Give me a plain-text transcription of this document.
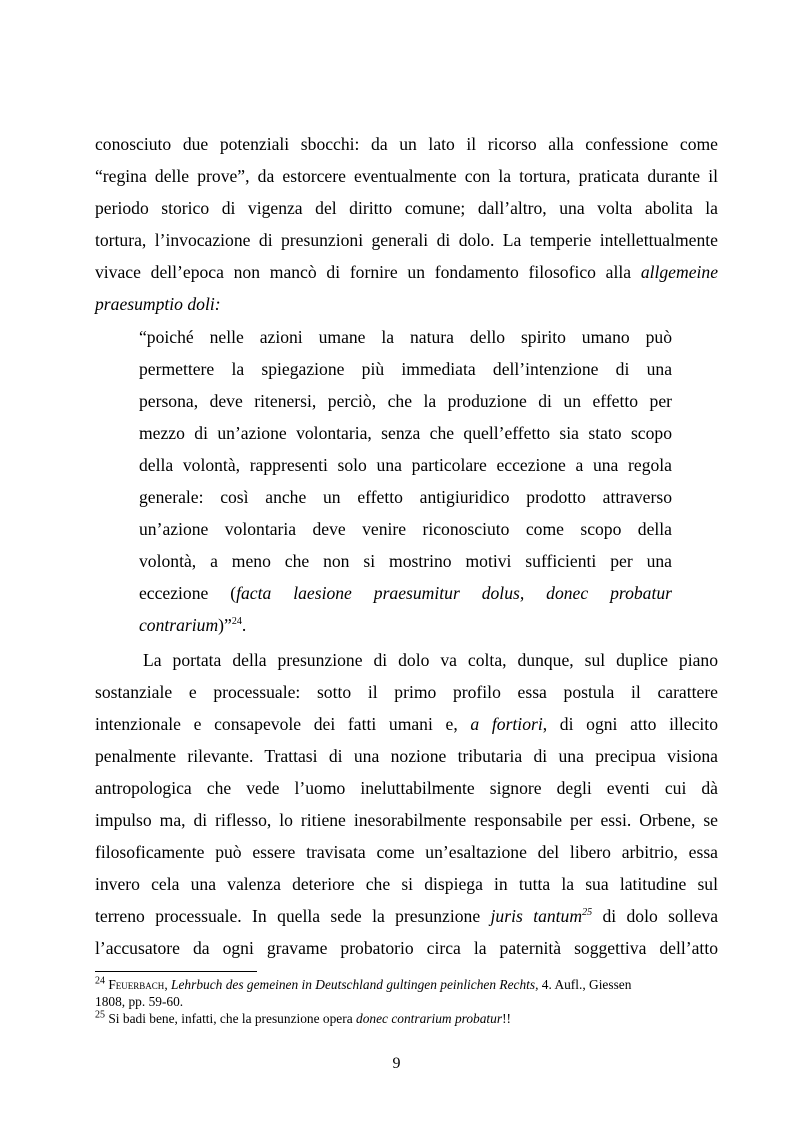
conosciuto due potenziali sbocchi: da un lato il ricorso alla confessione come
“regina delle prove”, da estorcere eventualmente con la tortura, praticata durante il
periodo storico di vigenza del diritto comune; dall’altro, una volta abolita la
tortura, l’invocazione di presunzioni generali di dolo. La temperie intellettualmente
vivace dell’epoca non mancò di fornire un fondamento filosofico alla allgemeine
praesumptio doli:
“poiché nelle azioni umane la natura dello spirito umano può
permettere la spiegazione più immediata dell’intenzione di una
persona, deve ritenersi, perciò, che la produzione di un effetto per
mezzo di un’azione volontaria, senza che quell’effetto sia stato scopo
della volontà, rappresenti solo una particolare eccezione a una regola
generale: così anche un effetto antigiuridico prodotto attraverso
un’azione volontaria deve venire riconosciuto come scopo della
volontà, a meno che non si mostrino motivi sufficienti per una
eccezione (facta laesione praesumitur dolus, donec probatur
contrarium)”$^{24}$.
La portata della presunzione di dolo va colta, dunque, sul duplice piano
sostanziale e processuale: sotto il primo profilo essa postula il carattere
intenzionale e consapevole dei fatti umani e, a fortiori, di ogni atto illecito
penalmente rilevante. Trattasi di una nozione tributaria di una precipua visiona
antropologica che vede l’uomo ineluttabilmente signore degli eventi cui dà
impulso ma, di riflesso, lo ritiene inesorabilmente responsabile per essi. Orbene, se
filosoficamente può essere travisata come un’esaltazione del libero arbitrio, essa
invero cela una valenza deteriore che si dispiega in tutta la sua latitudine sul
terreno processuale. In quella sede la presunzione juris tantum$^{25}$ di dolo solleva
l’accusatore da ogni gravame probatorio circa la paternità soggettiva dell’atto
$^{24}$ Feuerbach, Lehrbuch des gemeinen in Deutschland gultingen peinlichen Rechts, 4. Aufl., Giessen
1808, pp. 59-60.
$^{25}$ Si badi bene, infatti, che la presunzione opera donec contrarium probatur!!
9
